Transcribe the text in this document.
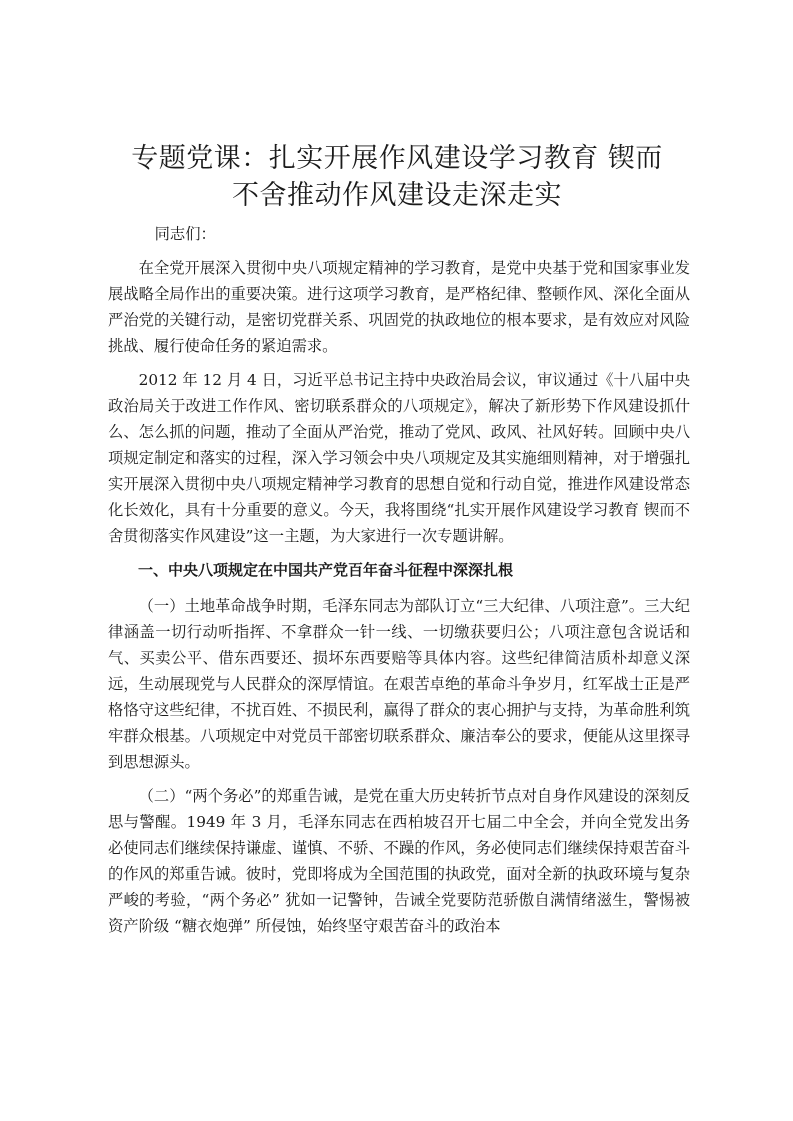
专题党课：扎实开展作风建设学习教育 锲而
不舍推动作风建设走深走实

同志们：

在全党开展深入贯彻中央八项规定精神的学习教育，是党中央基于党和国家事业发展战略全局作出的重要决策。进行这项学习教育，是严格纪律、整顿作风、深化全面从严治党的关键行动，是密切党群关系、巩固党的执政地位的根本要求，是有效应对风险挑战、履行使命任务的紧迫需求。

2012 年 12 月 4 日，习近平总书记主持中央政治局会议，审议通过《十八届中央政治局关于改进工作作风、密切联系群众的八项规定》，解决了新形势下作风建设抓什么、怎么抓的问题，推动了全面从严治党，推动了党风、政风、社风好转。回顾中央八项规定制定和落实的过程，深入学习领会中央八项规定及其实施细则精神，对于增强扎实开展深入贯彻中央八项规定精神学习教育的思想自觉和行动自觉，推进作风建设常态化长效化，具有十分重要的意义。今天，我将围绕“扎实开展作风建设学习教育 锲而不舍贯彻落实作风建设”这一主题，为大家进行一次专题讲解。

一、中央八项规定在中国共产党百年奋斗征程中深深扎根

（一）土地革命战争时期，毛泽东同志为部队订立“三大纪律、八项注意”。三大纪律涵盖一切行动听指挥、不拿群众一针一线、一切缴获要归公；八项注意包含说话和气、买卖公平、借东西要还、损坏东西要赔等具体内容。这些纪律简洁质朴却意义深远，生动展现党与人民群众的深厚情谊。在艰苦卓绝的革命斗争岁月，红军战士正是严格恪守这些纪律，不扰百姓、不损民利，赢得了群众的衷心拥护与支持，为革命胜利筑牢群众根基。八项规定中对党员干部密切联系群众、廉洁奉公的要求，便能从这里探寻到思想源头。

（二）“两个务必”的郑重告诫，是党在重大历史转折节点对自身作风建设的深刻反思与警醒。1949 年 3 月，毛泽东同志在西柏坡召开七届二中全会，并向全党发出务必使同志们继续保持谦虚、谨慎、不骄、不躁的作风，务必使同志们继续保持艰苦奋斗的作风的郑重告诫。彼时，党即将成为全国范围的执政党，面对全新的执政环境与复杂严峻的考验，“两个务必” 犹如一记警钟，告诫全党要防范骄傲自满情绪滋生，警惕被资产阶级 “糖衣炮弹” 所侵蚀，始终坚守艰苦奋斗的政治本
